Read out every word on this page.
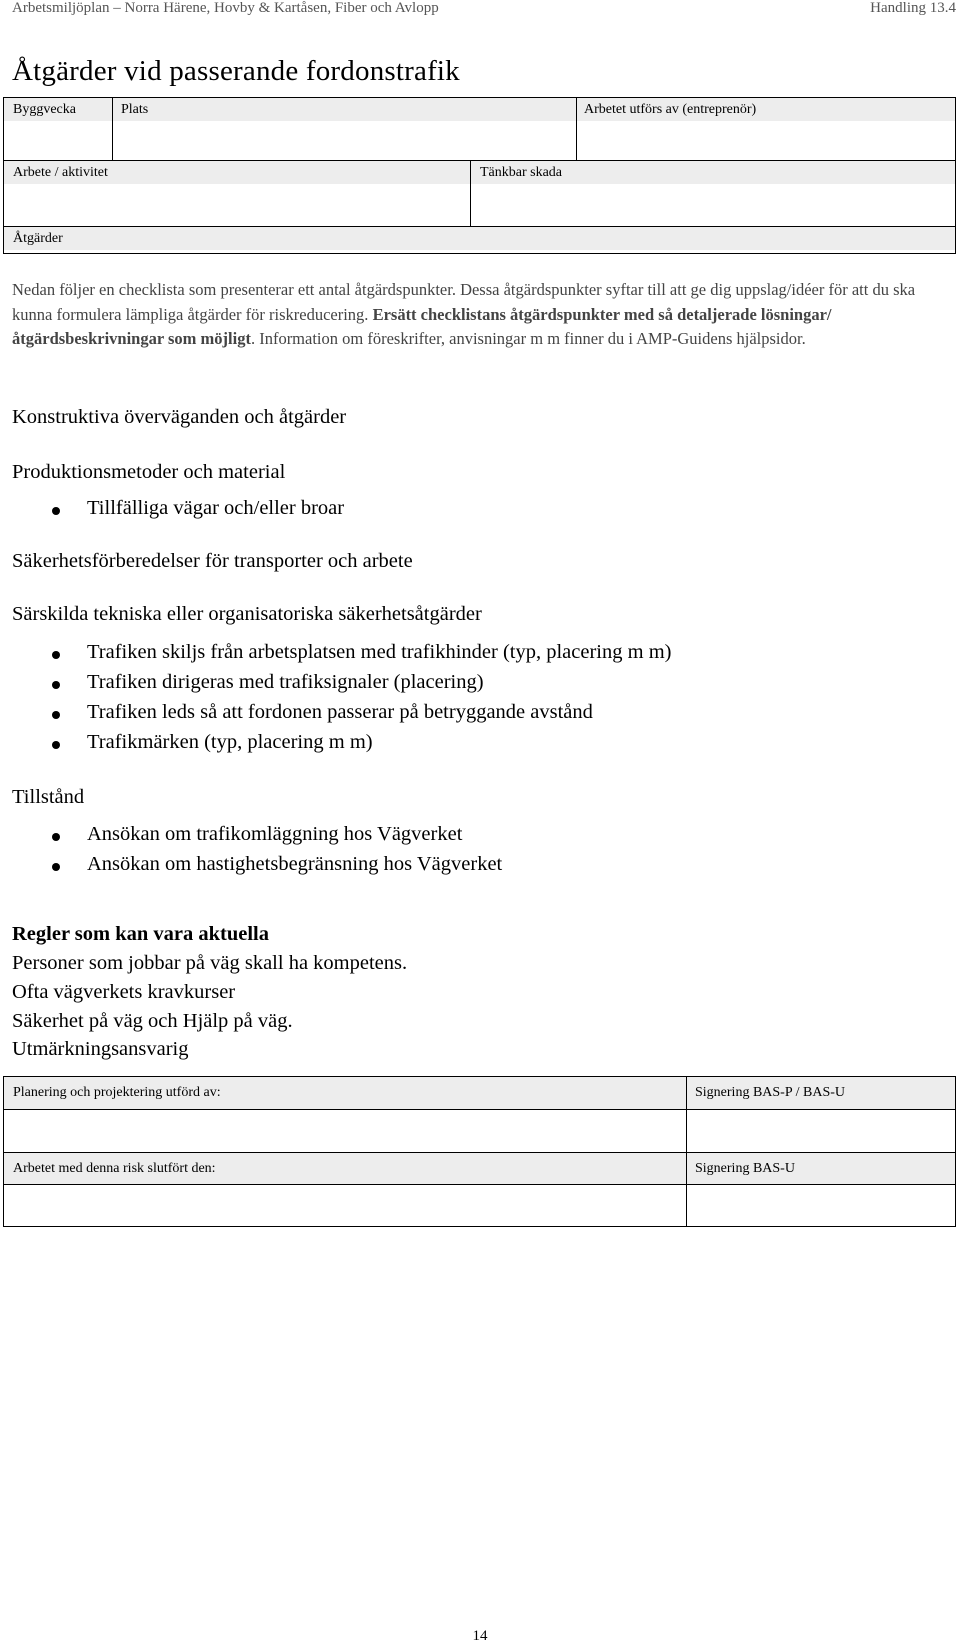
Arbetsmiljöplan – Norra Härene, Hovby & Kartåsen, Fiber och Avlopp	Handling 13.4
Åtgärder vid passerande fordonstrafik
Byggvecka	Plats	Arbetet utförs av (entreprenör)
Arbete / aktivitet	Tänkbar skada
Åtgärder
Nedan följer en checklista som presenterar ett antal åtgärdspunkter. Dessa åtgärdspunkter syftar till att ge dig uppslag/idéer för att du ska kunna formulera lämpliga åtgärder för riskreducering. Ersätt checklistans åtgärdspunkter med så detaljerade lösningar/åtgärdsbeskrivningar som möjligt. Information om föreskrifter, anvisningar m m finner du i AMP-Guidens hjälpsidor.
Konstruktiva överväganden och åtgärder
Produktionsmetoder och material
Tillfälliga vägar och/eller broar
Säkerhetsförberedelser för transporter och arbete
Särskilda tekniska eller organisatoriska säkerhetsåtgärder
Trafiken skiljs från arbetsplatsen med trafikhinder (typ, placering m m)
Trafiken dirigeras med trafiksignaler (placering)
Trafiken leds så att fordonen passerar på betryggande avstånd
Trafikmärken (typ, placering m m)
Tillstånd
Ansökan om trafikomläggning hos Vägverket
Ansökan om hastighetsbegränsning hos Vägverket
Regler som kan vara aktuella
Personer som jobbar på väg skall ha kompetens.
Ofta vägverkets kravkurser
Säkerhet på väg och Hjälp på väg.
Utmärkningsansvarig
Planering och projektering utförd av:	Signering BAS-P / BAS-U
Arbetet med denna risk slutfört den:	Signering BAS-U
14
